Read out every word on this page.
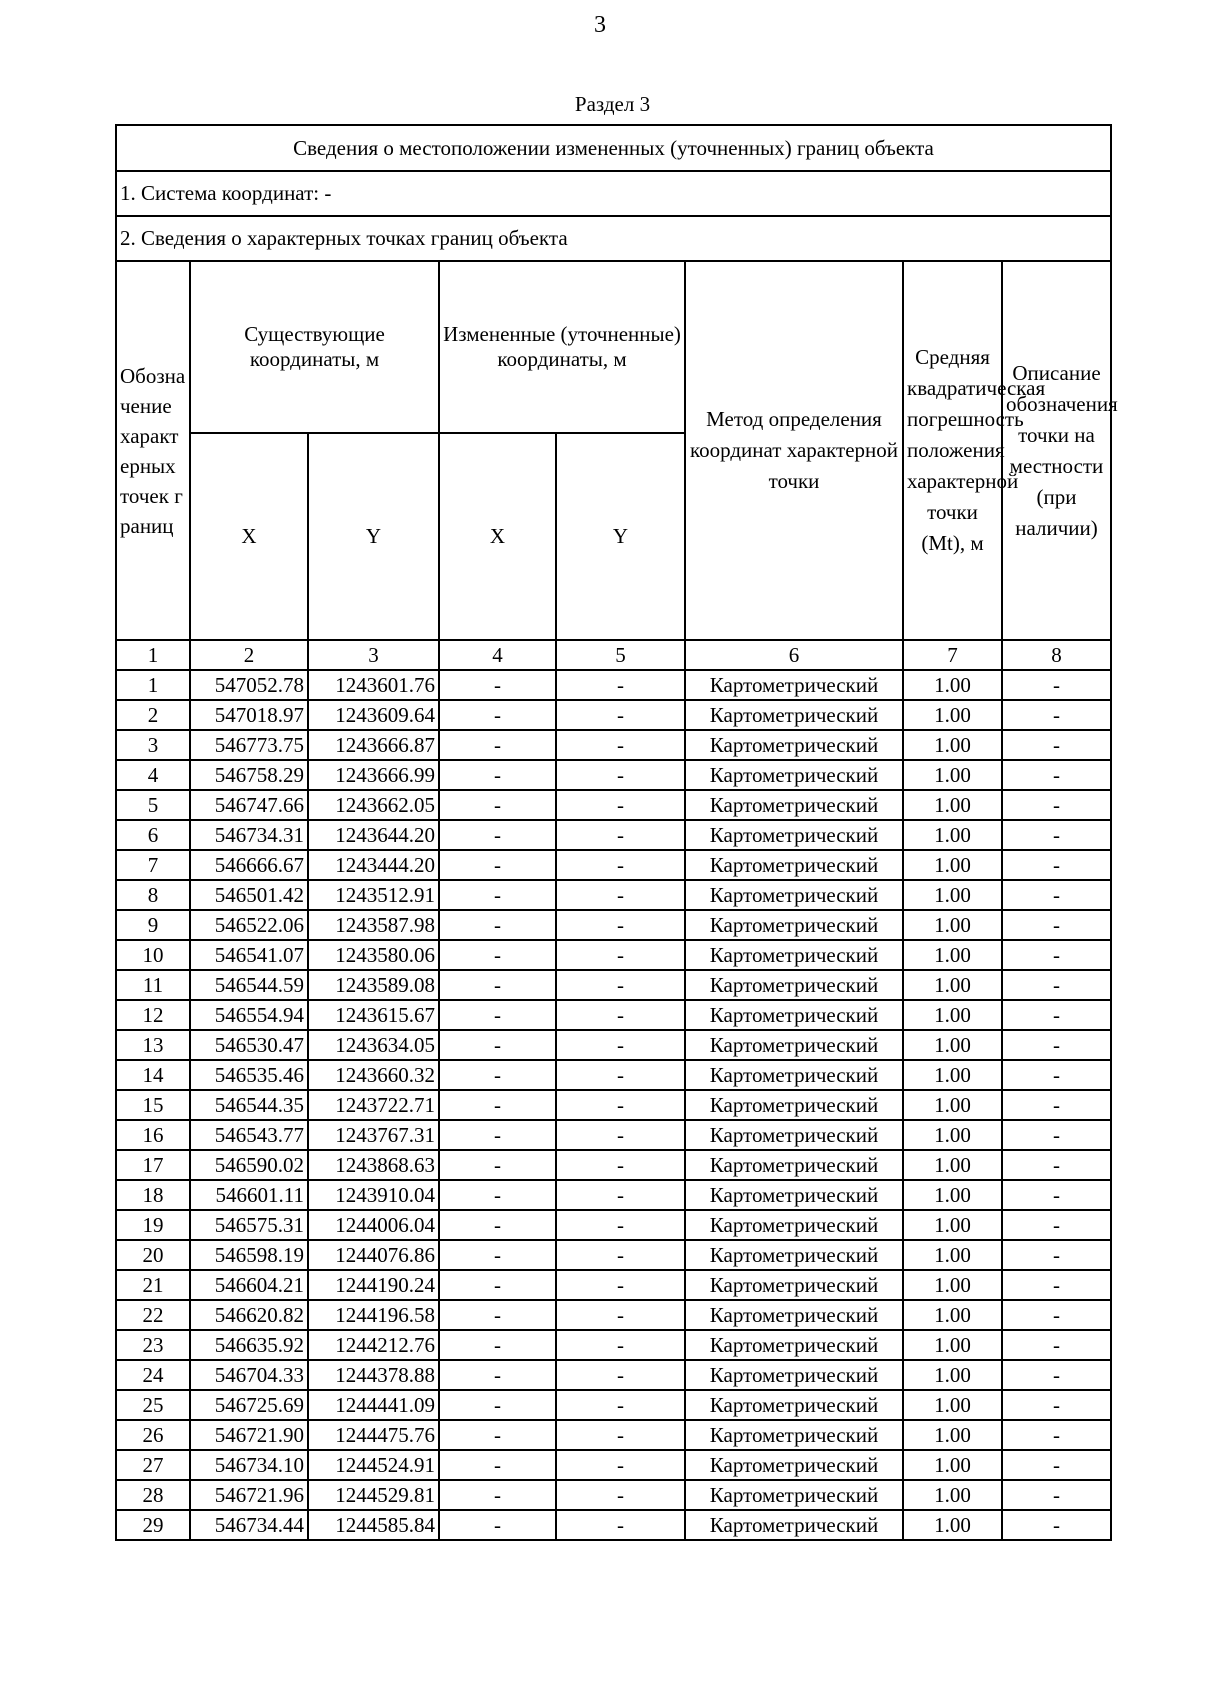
3
Раздел 3
Сведения о местоположении измененных (уточненных) границ объекта							
1. Система координат: -							
2. Сведения о характерных точках границ объекта							
Обозначение характерных точек границ	Существующие координаты, м		Измененные (уточненные) координаты, м		Метод определения координат характерной точки	Средняя квадратическая погрешность положения характерной точки (Mt), м	Описание обозначения точки на местности (при наличии)
	X	Y	X	Y			
1	2	3	4	5	6	7	8
1	547052.78	1243601.76	-	-	Картометрический	1.00	-
2	547018.97	1243609.64	-	-	Картометрический	1.00	-
3	546773.75	1243666.87	-	-	Картометрический	1.00	-
4	546758.29	1243666.99	-	-	Картометрический	1.00	-
5	546747.66	1243662.05	-	-	Картометрический	1.00	-
6	546734.31	1243644.20	-	-	Картометрический	1.00	-
7	546666.67	1243444.20	-	-	Картометрический	1.00	-
8	546501.42	1243512.91	-	-	Картометрический	1.00	-
9	546522.06	1243587.98	-	-	Картометрический	1.00	-
10	546541.07	1243580.06	-	-	Картометрический	1.00	-
11	546544.59	1243589.08	-	-	Картометрический	1.00	-
12	546554.94	1243615.67	-	-	Картометрический	1.00	-
13	546530.47	1243634.05	-	-	Картометрический	1.00	-
14	546535.46	1243660.32	-	-	Картометрический	1.00	-
15	546544.35	1243722.71	-	-	Картометрический	1.00	-
16	546543.77	1243767.31	-	-	Картометрический	1.00	-
17	546590.02	1243868.63	-	-	Картометрический	1.00	-
18	546601.11	1243910.04	-	-	Картометрический	1.00	-
19	546575.31	1244006.04	-	-	Картометрический	1.00	-
20	546598.19	1244076.86	-	-	Картометрический	1.00	-
21	546604.21	1244190.24	-	-	Картометрический	1.00	-
22	546620.82	1244196.58	-	-	Картометрический	1.00	-
23	546635.92	1244212.76	-	-	Картометрический	1.00	-
24	546704.33	1244378.88	-	-	Картометрический	1.00	-
25	546725.69	1244441.09	-	-	Картометрический	1.00	-
26	546721.90	1244475.76	-	-	Картометрический	1.00	-
27	546734.10	1244524.91	-	-	Картометрический	1.00	-
28	546721.96	1244529.81	-	-	Картометрический	1.00	-
29	546734.44	1244585.84	-	-	Картометрический	1.00	-
